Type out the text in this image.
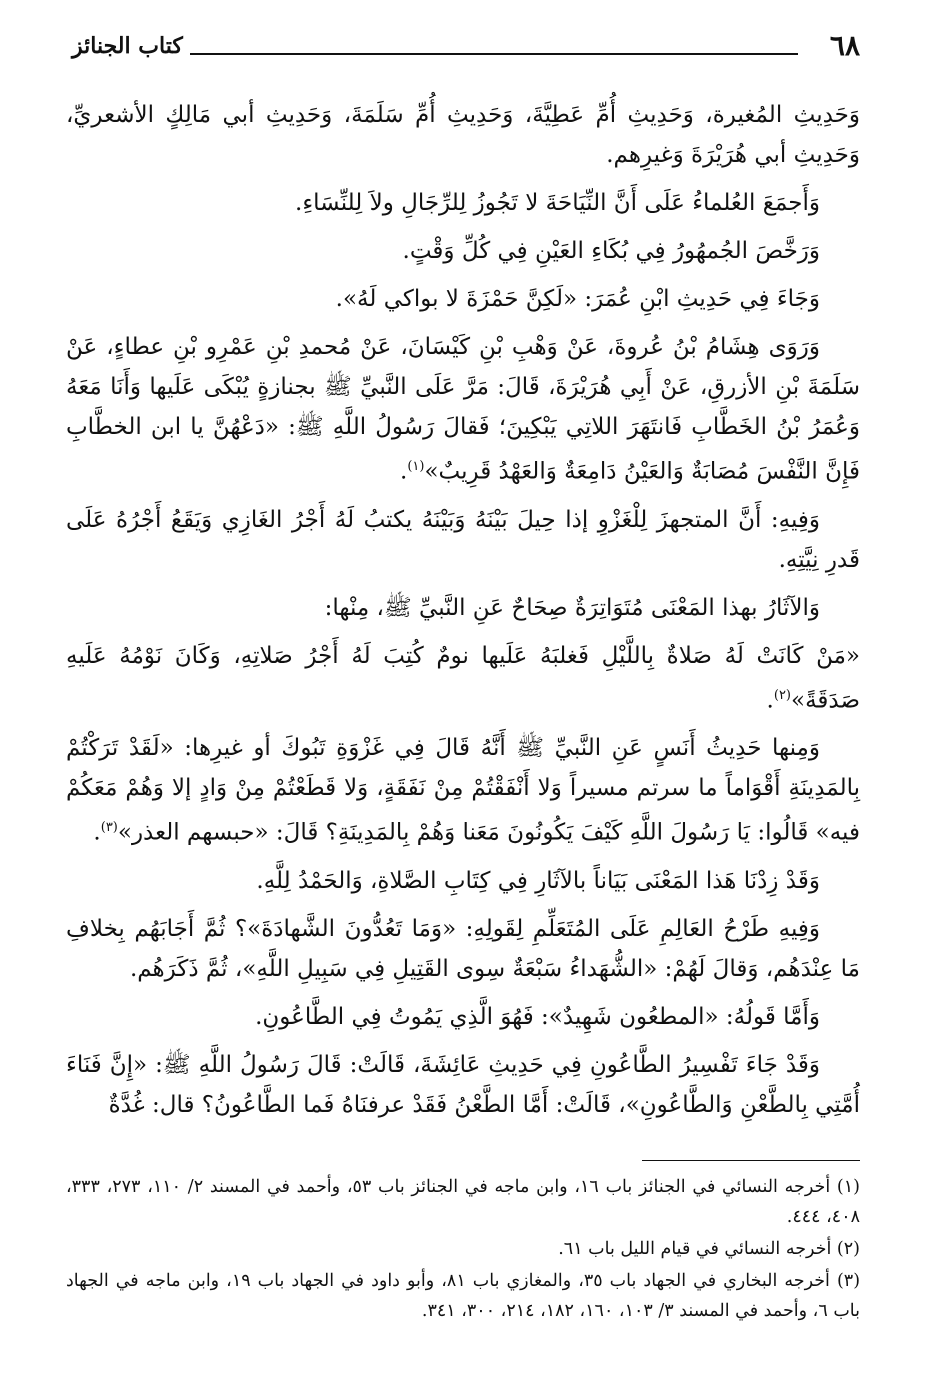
٦٨
كتاب الجنائز

وَحَدِيثِ المُغيرة، وَحَدِيثِ أُمِّ عَطِيَّةَ، وَحَدِيثِ أُمِّ سَلَمَةَ، وَحَدِيثِ أبي مَالِكٍ الأشعريِّ، وَحَدِيثِ أبي هُرَيْرَةَ وَغيرِهم.

وَأَجمَعَ العُلماءُ عَلَى أَنَّ النِّيَاحَةَ لا تَجُوزُ لِلرِّجَالِ ولاَ لِلنِّسَاءِ.

وَرَخَّصَ الجُمهُورُ فِي بُكَاءِ العَيْنِ فِي كُلِّ وَقْتٍ.

وَجَاءَ فِي حَدِيثِ ابْنِ عُمَرَ: «لَكِنَّ حَمْزَةَ لا بواكي لَهُ».

وَرَوَى هِشَامُ بْنُ عُروةَ، عَنْ وَهْبِ بْنِ كَيْسَانَ، عَنْ مُحمدِ بْنِ عَمْرِو بْنِ عطاءٍ، عَنْ سَلَمَةَ بْنِ الأزرقِ، عَنْ أَبِي هُرَيْرَةَ، قَالَ: مَرَّ عَلَى النَّبيِّ ﷺ بجنازةٍ يُبْكَى عَلَيها وَأَنَا مَعَهُ وَعُمَرُ بْنُ الخَطَّابِ فَانتَهَرَ اللاتِي يَبْكِينَ؛ فَقالَ رَسُولُ اللَّهِ ﷺ: «دَعْهُنَّ يا ابن الخطَّابِ فَإِنَّ النَّفْسَ مُصَابَةٌ وَالعَيْنُ دَامِعَةٌ وَالعَهْدُ قَرِيبٌ»$^{(١)}$.

وَفِيهِ: أَنَّ المتجهزَ لِلْغَزْوِ إذا حِيلَ بَيْنَهُ وَبَيْنَهُ يكتبُ لَهُ أَجْرُ الغَازِي وَيَقَعُ أَجْرُهُ عَلَى قَدرِ نِيَّتِهِ.

وَالآثَارُ بهذا المَعْنَى مُتَوَاتِرَةٌ صِحَاحٌ عَنِ النَّبيِّ ﷺ، مِنْها:

«مَنْ كَانَتْ لَهُ صَلاةٌ بِاللَّيْلِ فَغلبَهُ عَلَيها نومٌ كُتِبَ لَهُ أَجْرُ صَلاتِهِ، وَكَانَ نَوْمُهُ عَلَيهِ صَدَقَةً»$^{(٢)}$.

وَمِنها حَدِيثُ أَنَسٍ عَنِ النَّبيِّ ﷺ أَنَّهُ قَالَ فِي غَزْوَةِ تَبُوكَ أو غيرِها: «لَقَدْ تَرَكْتُمْ بِالمَدِينَةِ أَقْوَاماً ما سرتم مسيراً وَلا أَنْفَقْتُمْ مِنْ نَفَقَةٍ، وَلا قَطَعْتُمْ مِنْ وَادٍ إلا وَهُمْ مَعَكُمْ فيه» قَالُوا: يَا رَسُولَ اللَّهِ كَيْفَ يَكُونُونَ مَعَنا وَهُمْ بِالمَدِينَةِ؟ قَالَ: «حبسهم العذر»$^{(٣)}$.

وَقَدْ زِدْنَا هَذا المَعْنَى بَيَاناً بالآثَارِ فِي كِتَابِ الصَّلاةِ، وَالحَمْدُ لِلَّهِ.

وَفِيهِ طَرْحُ العَالِمِ عَلَى المُتَعَلِّمِ لِقَولِهِ: «وَمَا تَعُدُّونَ الشَّهادَةَ»؟ ثُمَّ أَجَابَهُم بِخلافِ مَا عِنْدَهُم، وَقالَ لَهُمْ: «الشُّهَداءُ سَبْعَةٌ سِوى القَتِيلِ فِي سَبِيلِ اللَّهِ»، ثُمَّ ذَكَرَهُم.

وَأَمَّا قَولُهُ: «المطعُون شَهِيدٌ»: فَهُوَ الَّذِي يَمُوتُ فِي الطَّاعُونِ.

وَقَدْ جَاءَ تَفْسِيرُ الطَّاعُونِ فِي حَدِيثِ عَائِشَةَ، قَالَتْ: قَالَ رَسُولُ اللَّهِ ﷺ: «إِنَّ فَنَاءَ أُمَّتِي بِالطَّعْنِ وَالطَّاعُونِ»، قَالَتْ: أَمَّا الطَّعْنُ فَقَدْ عرفنَاهُ فَما الطَّاعُونُ؟ قال: غُدَّةٌ

(١) أخرجه النسائي في الجنائز باب ١٦، وابن ماجه في الجنائز باب ٥٣، وأحمد في المسند ٢/ ١١٠، ٢٧٣، ٣٣٣، ٤٠٨، ٤٤٤.

(٢) أخرجه النسائي في قيام الليل باب ٦١.

(٣) أخرجه البخاري في الجهاد باب ٣٥، والمغازي باب ٨١، وأبو داود في الجهاد باب ١٩، وابن ماجه في الجهاد باب ٦، وأحمد في المسند ٣/ ١٠٣، ١٦٠، ١٨٢، ٢١٤، ٣٠٠، ٣٤١.
